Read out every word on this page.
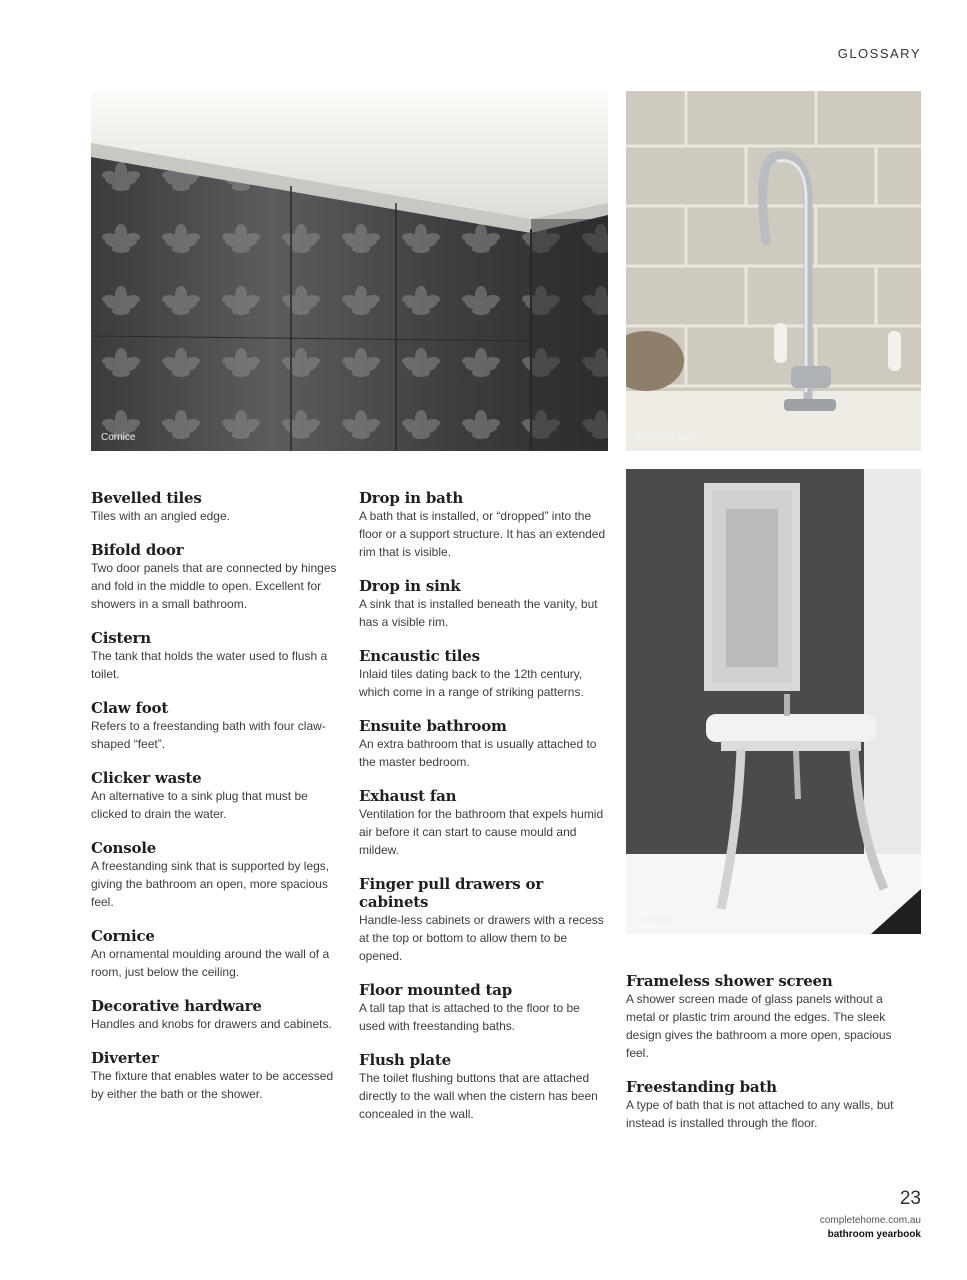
GLOSSARY
Cornice	Bevelled tiles
Console

Bevelled tiles

Tiles with an angled edge.

Bifold door

Two door panels that are connected by hinges and fold in the middle to open. Excellent for showers in a small bathroom.

Cistern

The tank that holds the water used to flush a toilet.

Claw foot

Refers to a freestanding bath with four claw-shaped “feet”.

Clicker waste

An alternative to a sink plug that must be clicked to drain the water.

Console

A freestanding sink that is supported by legs, giving the bathroom an open, more spacious feel.

Cornice

An ornamental moulding around the wall of a room, just below the ceiling.

Decorative hardware

Handles and knobs for drawers and cabinets.

Diverter

The fixture that enables water to be accessed by either the bath or the shower.

Drop in bath

A bath that is installed, or “dropped” into the floor or a support structure. It has an extended rim that is visible.

Drop in sink

A sink that is installed beneath the vanity, but has a visible rim.

Encaustic tiles

Inlaid tiles dating back to the 12th century, which come in a range of striking patterns.

Ensuite bathroom

An extra bathroom that is usually attached to the master bedroom.

Exhaust fan

Ventilation for the bathroom that expels humid air before it can start to cause mould and mildew.

Finger pull drawers or cabinets

Handle-less cabinets or drawers with a recess at the top or bottom to allow them to be opened.

Floor mounted tap

A tall tap that is attached to the floor to be used with freestanding baths.

Flush plate

The toilet flushing buttons that are attached directly to the wall when the cistern has been concealed in the wall.

Frameless shower screen

A shower screen made of glass panels without a metal or plastic trim around the edges. The sleek design gives the bathroom a more open, spacious feel.

Freestanding bath

A type of bath that is not attached to any walls, but instead is installed through the floor.

23
completehome.com.au
bathroom yearbook
